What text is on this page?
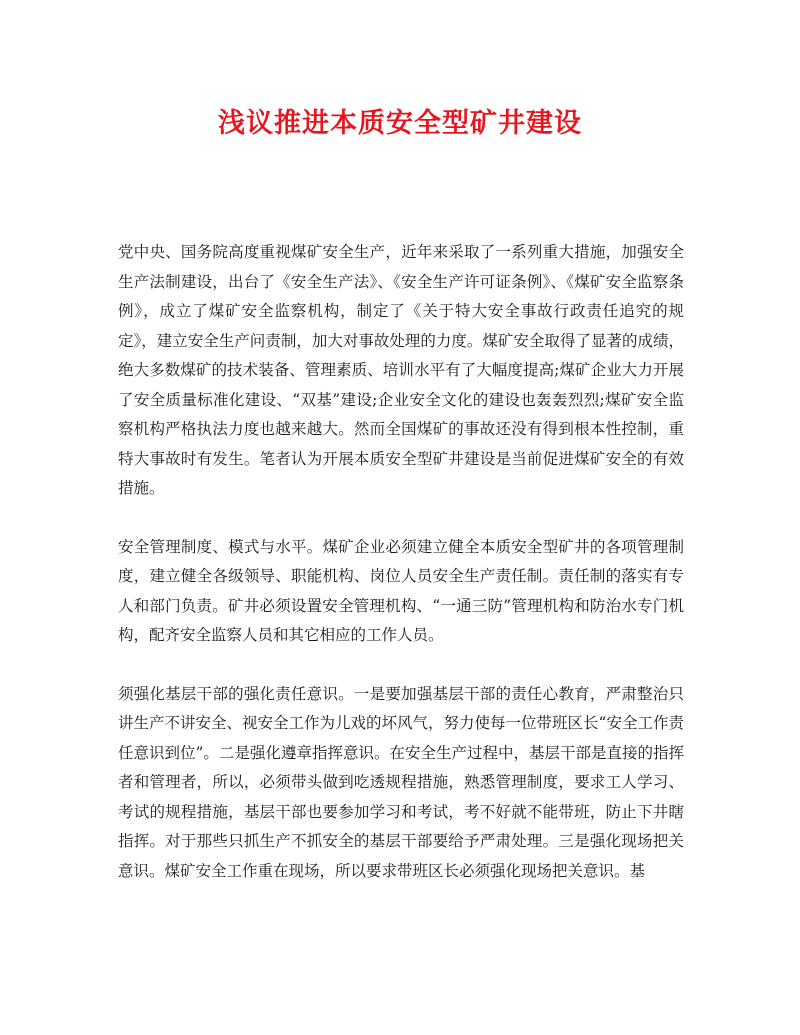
浅议推进本质安全型矿井建设

党中央、国务院高度重视煤矿安全生产，近年来采取了一系列重大措施，加强安全生产法制建设，出台了《安全生产法》、《安全生产许可证条例》、《煤矿安全监察条例》，成立了煤矿安全监察机构，制定了《关于特大安全事故行政责任追究的规定》，建立安全生产问责制，加大对事故处理的力度。煤矿安全取得了显著的成绩，绝大多数煤矿的技术装备、管理素质、培训水平有了大幅度提高;煤矿企业大力开展了安全质量标准化建设、“双基”建设;企业安全文化的建设也轰轰烈烈;煤矿安全监察机构严格执法力度也越来越大。然而全国煤矿的事故还没有得到根本性控制，重特大事故时有发生。笔者认为开展本质安全型矿井建设是当前促进煤矿安全的有效措施。

安全管理制度、模式与水平。煤矿企业必须建立健全本质安全型矿井的各项管理制度，建立健全各级领导、职能机构、岗位人员安全生产责任制。责任制的落实有专人和部门负责。矿井必须设置安全管理机构、“一通三防”管理机构和防治水专门机构，配齐安全监察人员和其它相应的工作人员。

须强化基层干部的强化责任意识。一是要加强基层干部的责任心教育，严肃整治只讲生产不讲安全、视安全工作为儿戏的坏风气，努力使每一位带班区长“安全工作责任意识到位”。二是强化遵章指挥意识。在安全生产过程中，基层干部是直接的指挥者和管理者，所以，必须带头做到吃透规程措施，熟悉管理制度，要求工人学习、考试的规程措施，基层干部也要参加学习和考试，考不好就不能带班，防止下井瞎指挥。对于那些只抓生产不抓安全的基层干部要给予严肃处理。三是强化现场把关意识。煤矿安全工作重在现场，所以要求带班区长必须强化现场把关意识。基
